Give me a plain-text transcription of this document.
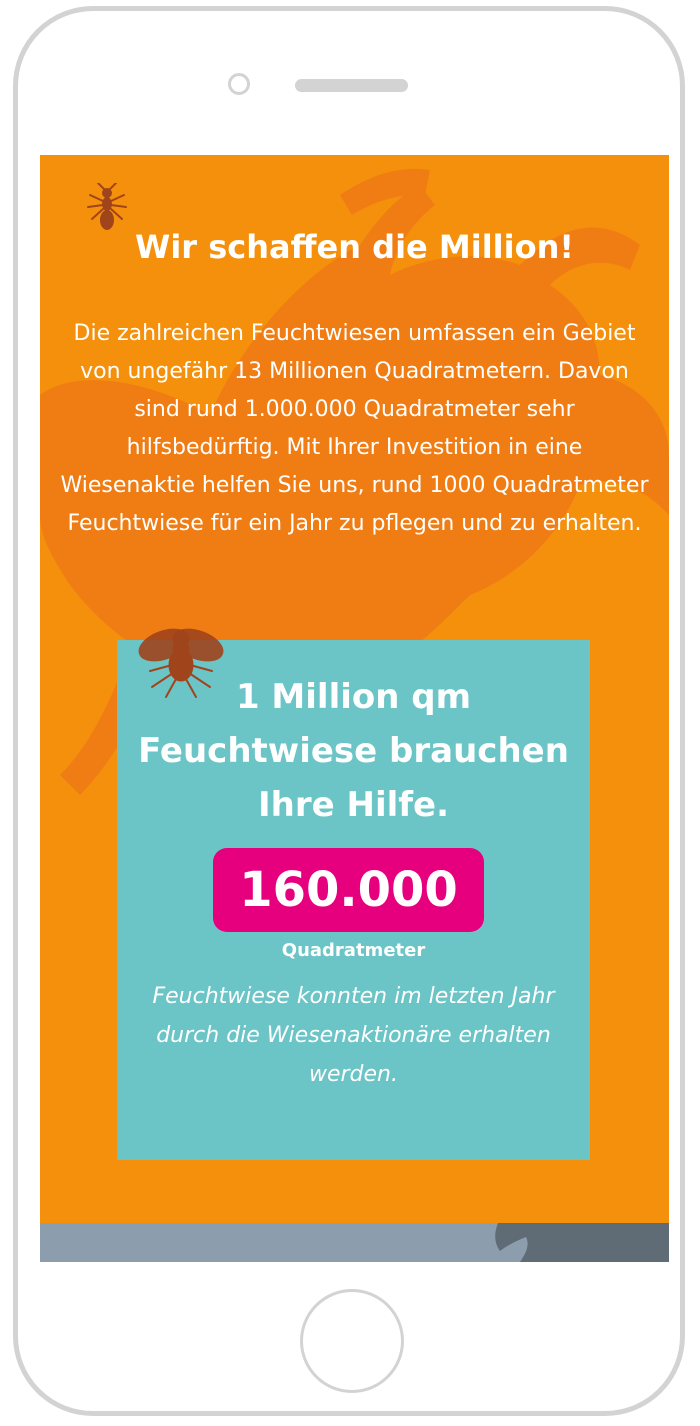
Wir schaffen die Million!
Die zahlreichen Feuchtwiesen umfassen ein Gebiet von ungefähr 13 Millionen Quadratmetern. Davon sind rund 1.000.000 Quadratmeter sehr hilfsbedürftig. Mit Ihrer Investition in eine Wiesenaktie helfen Sie uns, rund 1000 Quadratmeter Feuchtwiese für ein Jahr zu pflegen und zu erhalten.
1 Million qm Feuchtwiese brauchen Ihre Hilfe.
160.000
Quadratmeter
Feuchtwiese konnten im letzten Jahr durch die Wiesenaktionäre erhalten werden.
